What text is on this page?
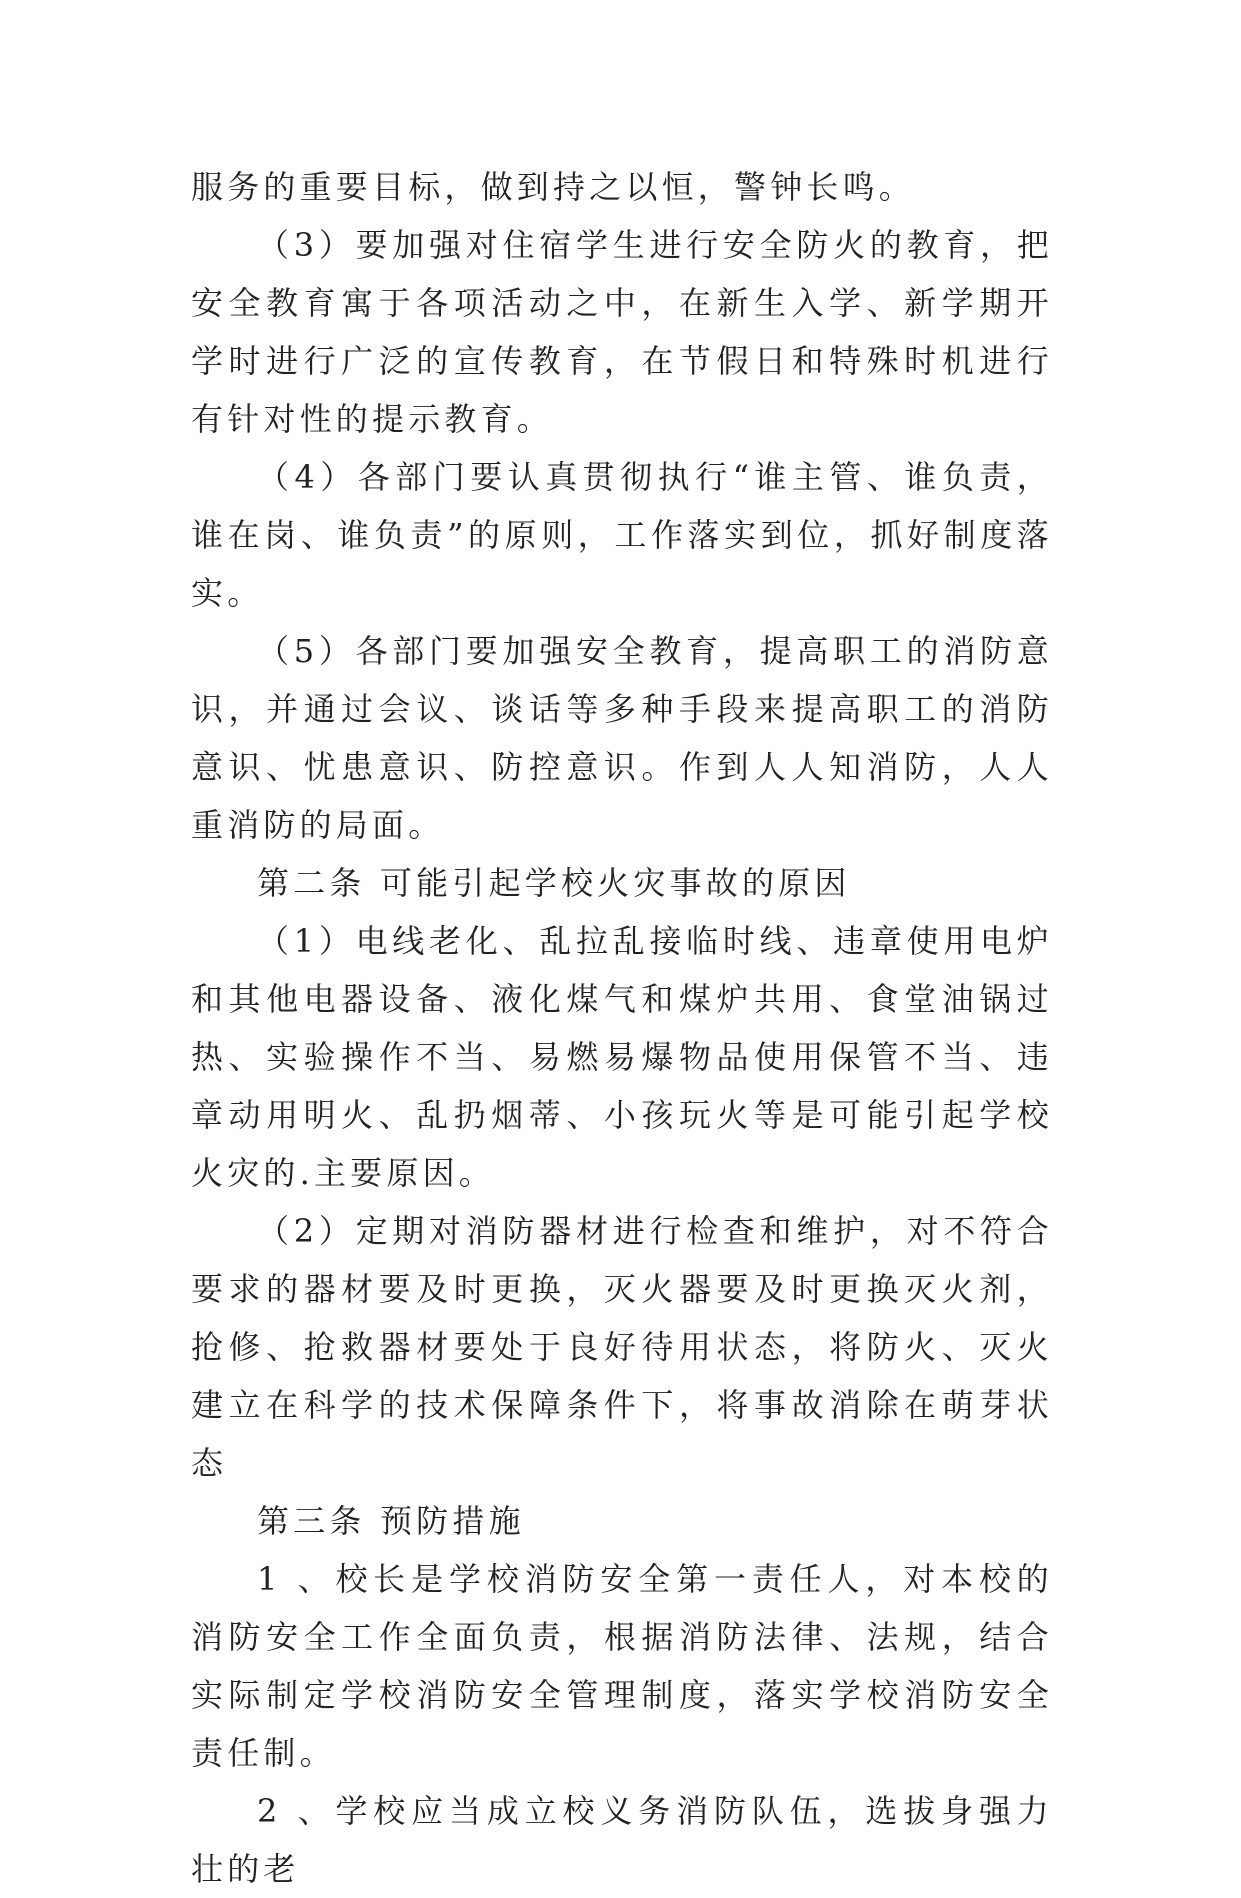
服务的重要目标，做到持之以恒，警钟长鸣。

（3）要加强对住宿学生进行安全防火的教育，把安全教育寓于各项活动之中，在新生入学、新学期开学时进行广泛的宣传教育，在节假日和特殊时机进行有针对性的提示教育。

（4）各部门要认真贯彻执行“谁主管、谁负责，谁在岗、谁负责”的原则，工作落实到位，抓好制度落实。

（5）各部门要加强安全教育，提高职工的消防意识，并通过会议、谈话等多种手段来提高职工的消防意识、忧患意识、防控意识。作到人人知消防，人人重消防的局面。

第二条 可能引起学校火灾事故的原因

（1）电线老化、乱拉乱接临时线、违章使用电炉和其他电器设备、液化煤气和煤炉共用、食堂油锅过热、实验操作不当、易燃易爆物品使用保管不当、违章动用明火、乱扔烟蒂、小孩玩火等是可能引起学校火灾的.主要原因。

（2）定期对消防器材进行检查和维护，对不符合要求的器材要及时更换，灭火器要及时更换灭火剂，抢修、抢救器材要处于良好待用状态，将防火、灭火建立在科学的技术保障条件下，将事故消除在萌芽状态

第三条 预防措施

1 、校长是学校消防安全第一责任人，对本校的消防安全工作全面负责，根据消防法律、法规，结合实际制定学校消防安全管理制度，落实学校消防安全责任制。

2 、学校应当成立校义务消防队伍，选拔身强力壮的老
